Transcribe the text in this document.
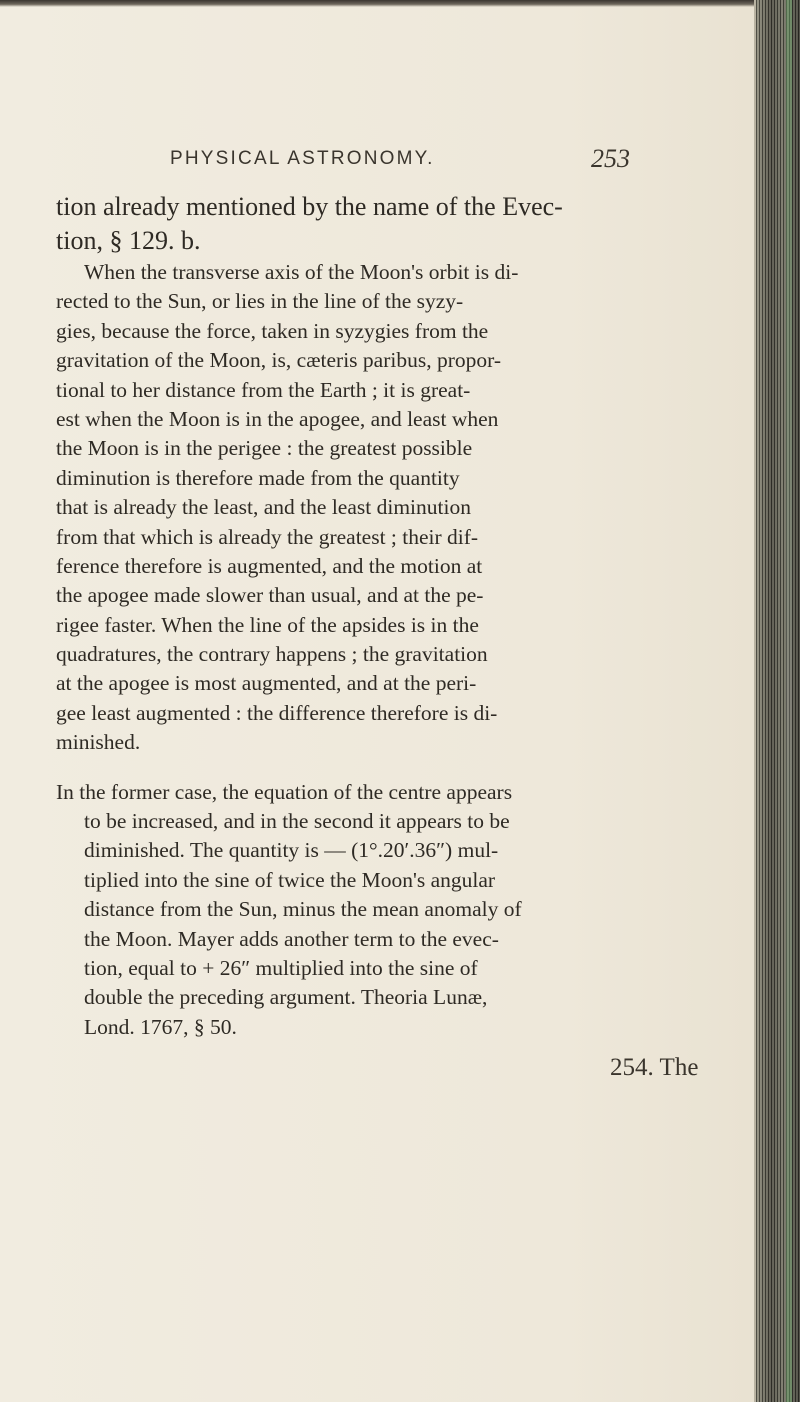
PHYSICAL ASTRONOMY.	253
tion already mentioned by the name of the Evec-
tion, § 129. b.
When the transverse axis of the Moon's orbit is di-
rected to the Sun, or lies in the line of the syzy-
gies, because the force, taken in syzygies from the
gravitation of the Moon, is, cæteris paribus, propor-
tional to her distance from the Earth ; it is great-
est when the Moon is in the apogee, and least when
the Moon is in the perigee : the greatest possible
diminution is therefore made from the quantity
that is already the least, and the least diminution
from that which is already the greatest ; their dif-
ference therefore is augmented, and the motion at
the apogee made slower than usual, and at the pe-
rigee faster. When the line of the apsides is in the
quadratures, the contrary happens ; the gravitation
at the apogee is most augmented, and at the peri-
gee least augmented : the difference therefore is di-
minished.
In the former case, the equation of the centre appears
to be increased, and in the second it appears to be
diminished. The quantity is — (1°.20′.36″) mul-
tiplied into the sine of twice the Moon's angular
distance from the Sun, minus the mean anomaly of
the Moon. Mayer adds another term to the evec-
tion, equal to + 26″ multiplied into the sine of
double the preceding argument. Theoria Lunæ,
Lond. 1767, § 50.
254. The
